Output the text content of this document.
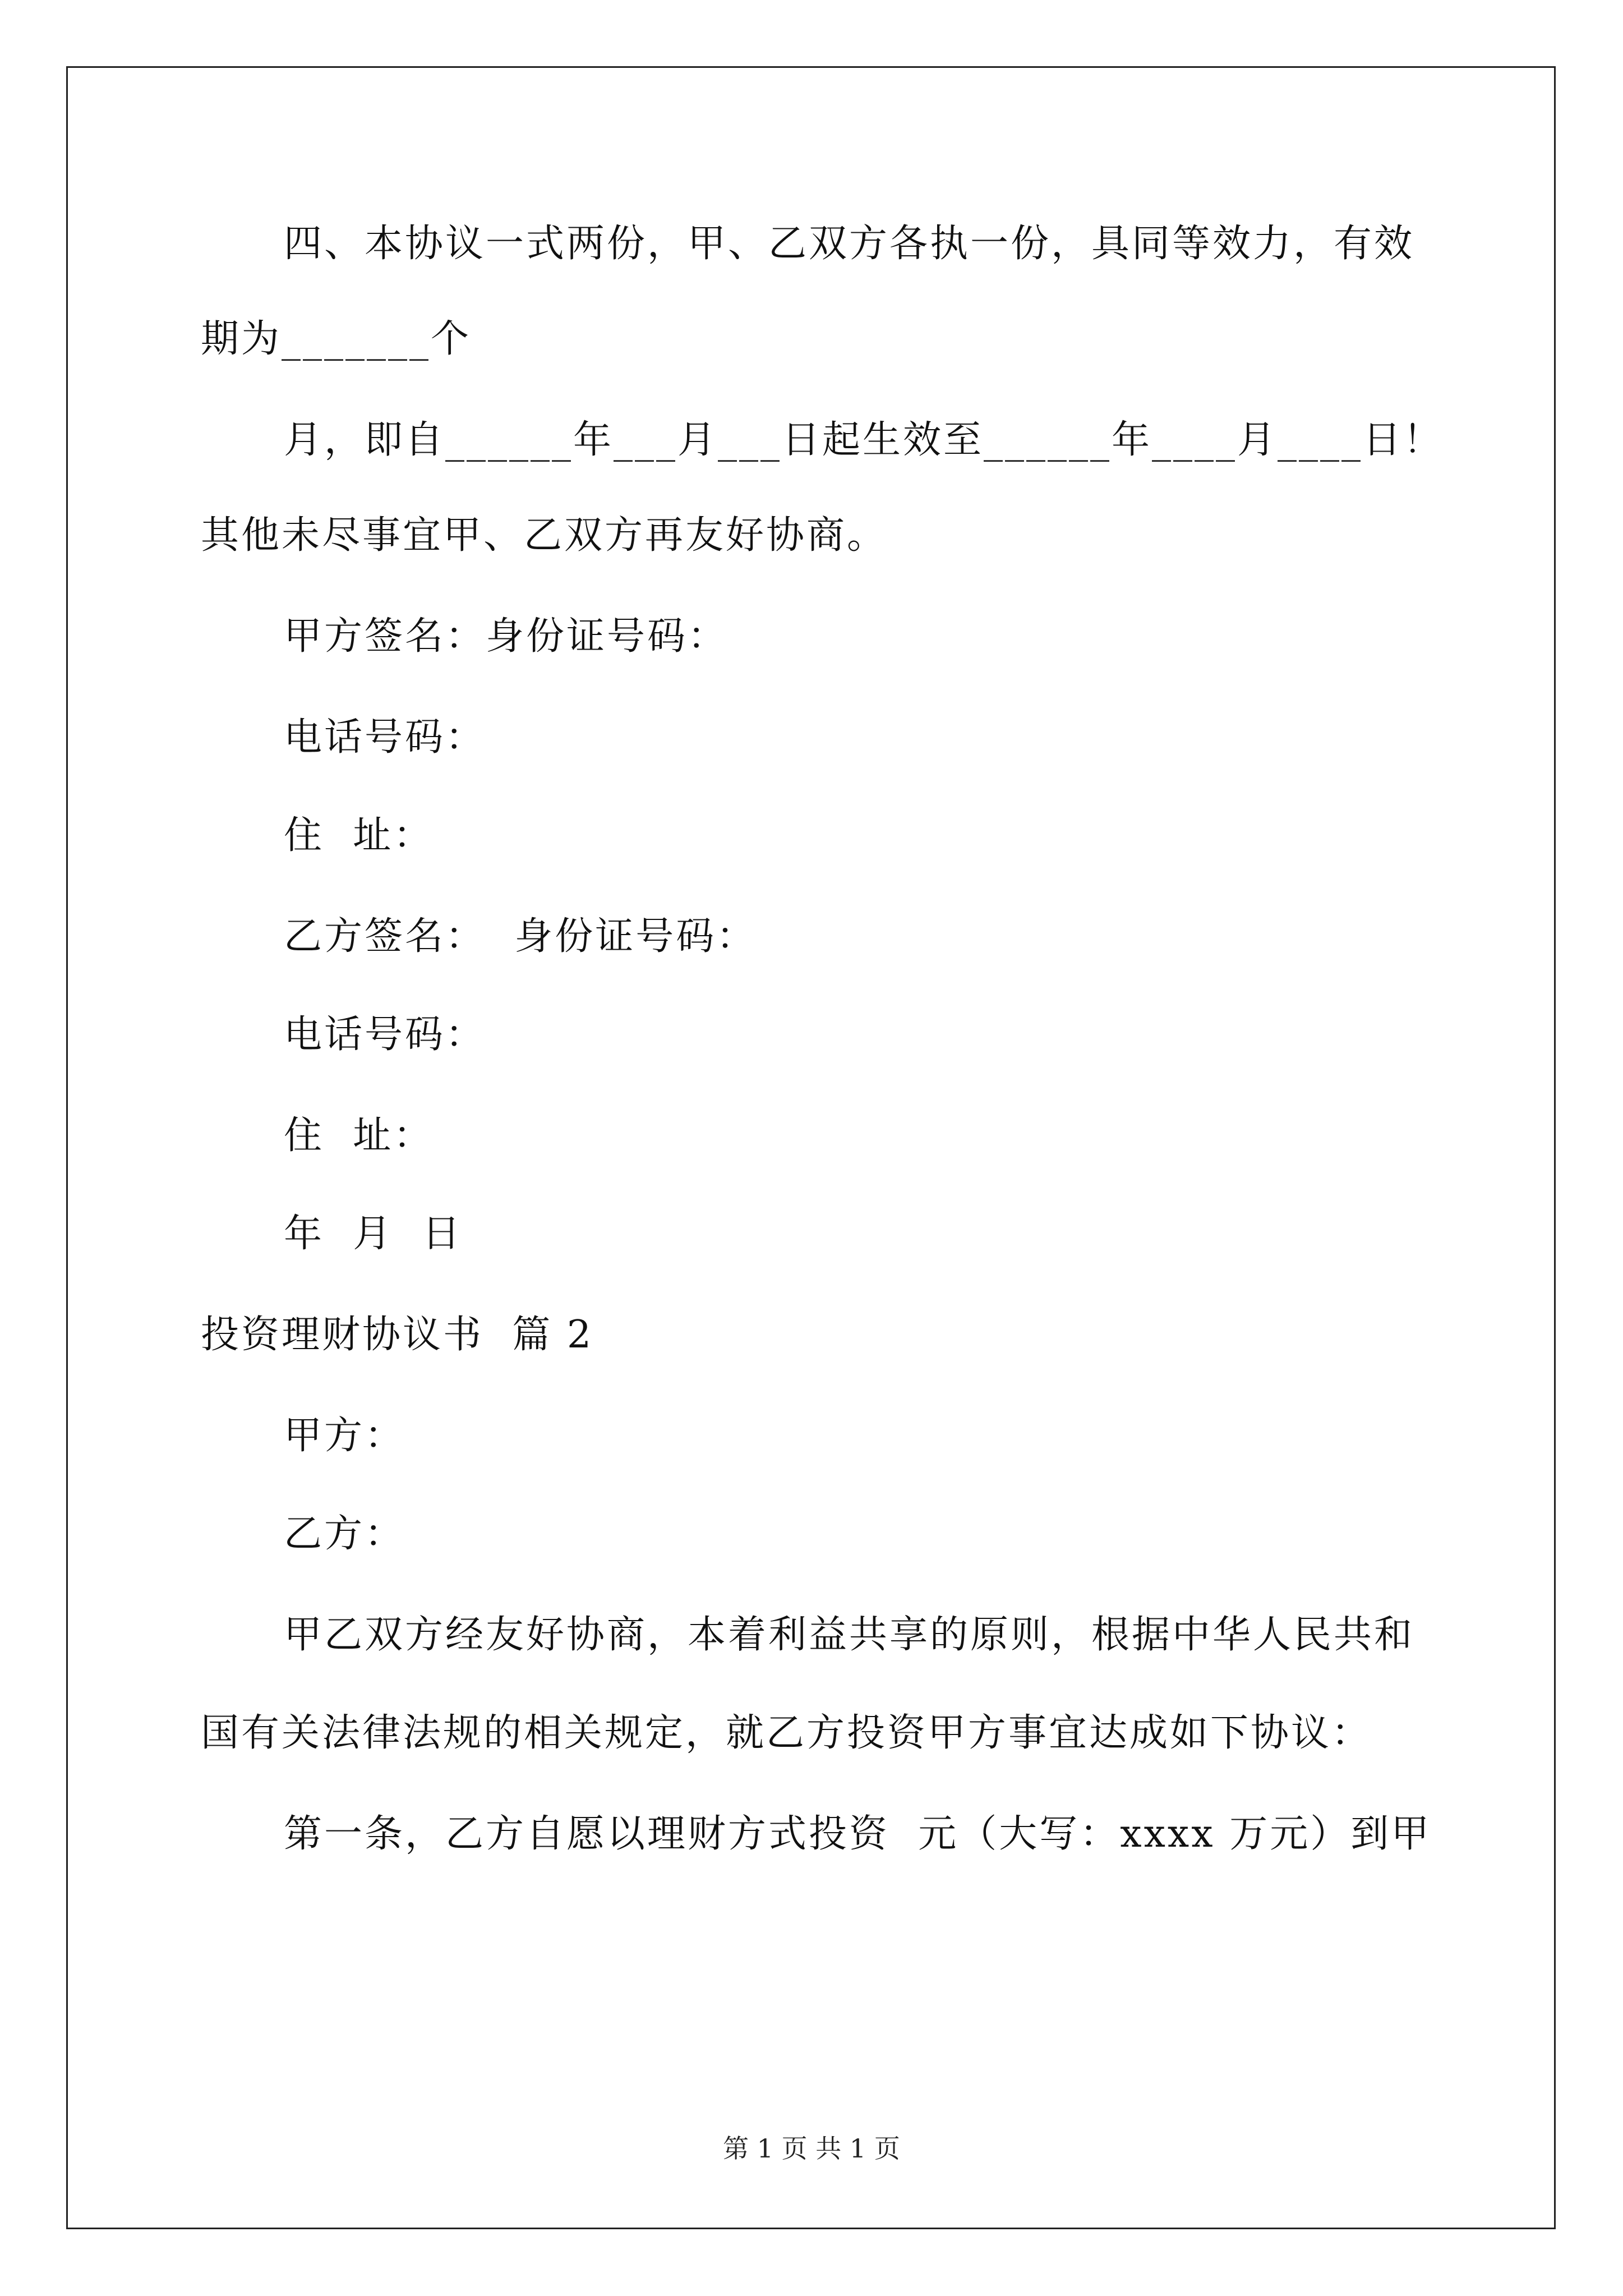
四、本协议一式两份，甲、乙双方各执一份，具同等效力，有效
期为_______个
月，即自______年___月___日起生效至______年____月____日！
其他未尽事宜甲、乙双方再友好协商。
甲方签名：身份证号码：
电话号码：
住  址：
乙方签名：  身份证号码：
电话号码：
住  址：
年  月  日
投资理财协议书  篇 2
甲方：
乙方：
甲乙双方经友好协商，本着利益共享的原则，根据中华人民共和
国有关法律法规的相关规定，就乙方投资甲方事宜达成如下协议：
第一条，乙方自愿以理财方式投资  元（大写：xxxx 万元）到甲
第 1 页 共 1 页
